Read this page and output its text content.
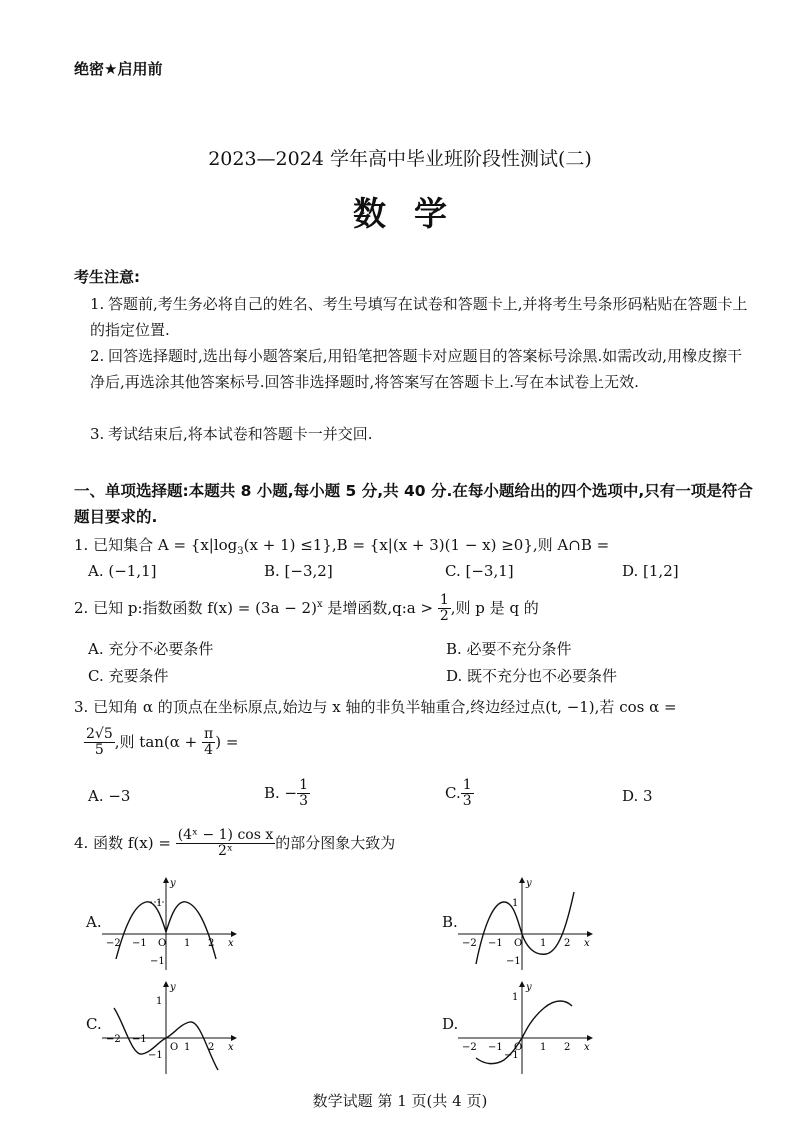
绝密★启用前
2023—2024 学年高中毕业班阶段性测试(二)
数学
考生注意:
1. 答题前,考生务必将自己的姓名、考生号填写在试卷和答题卡上,并将考生号条形码粘贴在答题卡上的指定位置.
2. 回答选择题时,选出每小题答案后,用铅笔把答题卡对应题目的答案标号涂黑.如需改动,用橡皮擦干净后,再选涂其他答案标号.回答非选择题时,将答案写在答题卡上.写在本试卷上无效.
3. 考试结束后,将本试卷和答题卡一并交回.
一、单项选择题:本题共 8 小题,每小题 5 分,共 40 分.在每小题给出的四个选项中,只有一项是符合题目要求的.
1. 已知集合 $A = \{x|\log_3(x + 1) \le 1\},B = \{x|(x + 3)(1 - x) \ge 0\}$,则 A∩B =
A. (−1,1]	B. [−3,2]	C. [−3,1]	D. [1,2]
2. 已知 p:指数函数 $f(x) = (3a - 2)^x$ 是增函数,q:a > $\frac{1}{2}$ ,则 p 是 q 的
A. 充分不必要条件	B. 必要不充分条件
C. 充要条件	D. 既不充分也不必要条件
3. 已知角 α 的顶点在坐标原点,始边与 x 轴的非负半轴重合,终边经过点(t, −1),若 cos α =
$\frac{2√5}{5}$ ,则 $\tan(\alpha + \frac{\pi}{4}$ ) =
A. −3	B. − $\frac{1}{3}$	C. $\frac{1}{3}$	D. 3
4. 函数 $f(x) = \frac{\text{(4ˣ − 1) cos x}}{\text{2ˣ}}$ 的部分图象大致为
A.	B.
C.	D.
y
x
O
−2 −1	1 2
1
−1
y
x
O
−2 −1	1 2
1
−1
y
x
O
−2 −1
1 2
1
−1
y
x
O
−2 −1	1 2
1
−1
数学试题 第 1 页(共 4 页)
